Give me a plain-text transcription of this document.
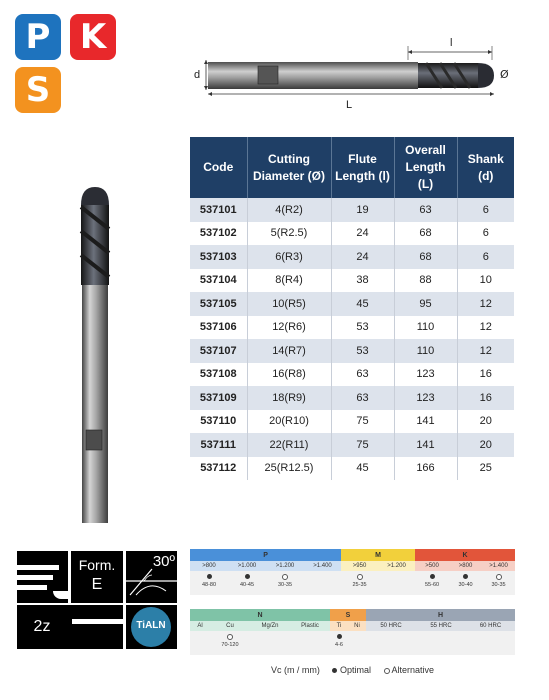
P K
S	d
l
Ø
L
Code	Cutting Diameter (Ø)	Flute Length (l)	Overall Length (L)	Shank (d)
537101	4(R2)	19	63	6
537102	5(R2.5)	24	68	6
537103	6(R3)	24	68	6
537104	8(R4)	38	88	10
537105	10(R5)	45	95	12
537106	12(R6)	53	110	12
537107	14(R7)	53	110	12
537108	16(R8)	63	123	16
537109	18(R9)	63	123	16
537110	20(R10)	75	141	20
537111	22(R11)	75	141	20
537112	25(R12.5)	45	166	25
Form.
E
30º
2z	TiALN
P				M		K		
>800	>1.000	>1.200	>1.400	>950	>1.200	>500	>800	>1.400

48-80	40-45	30-35		25-35		55-60	30-40	30-35
N				S		H		
Al	Cu	Mg/Zn	Plastic	Ti	Ni	50 HRC	55 HRC	60 HRC

70-120			4-6				
Vc (m / mm) Optimal Alternative
